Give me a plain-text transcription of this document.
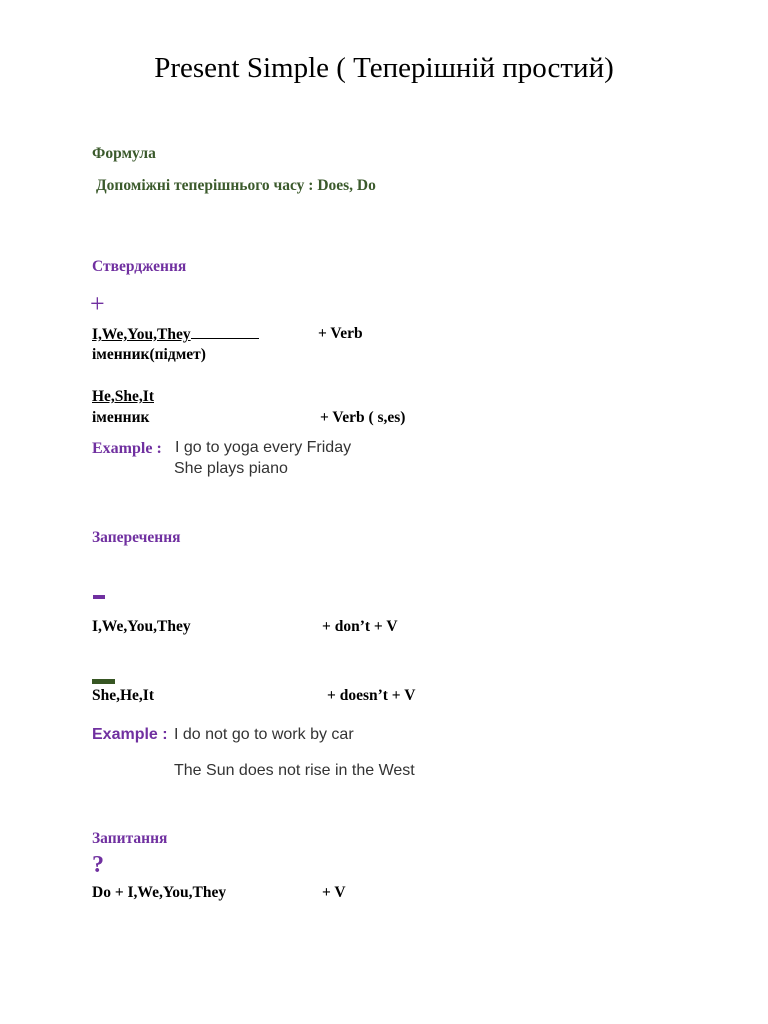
Present Simple ( Теперішній простий)
Формула
Допоміжні теперішнього часу : Does, Do
Ствердження
+
I,We,You,They	+ Verb
іменник(підмет)
He,She,It
іменник	+ Verb ( s,es)
Example : I go to yoga every Friday
She plays piano
Заперечення
I,We,You,They	+ don’t + V
She,He,It	+ doesn’t + V
Example : I do not go to work by car
The Sun does not rise in the West
Запитання
?
Do + I,We,You,They	+ V
